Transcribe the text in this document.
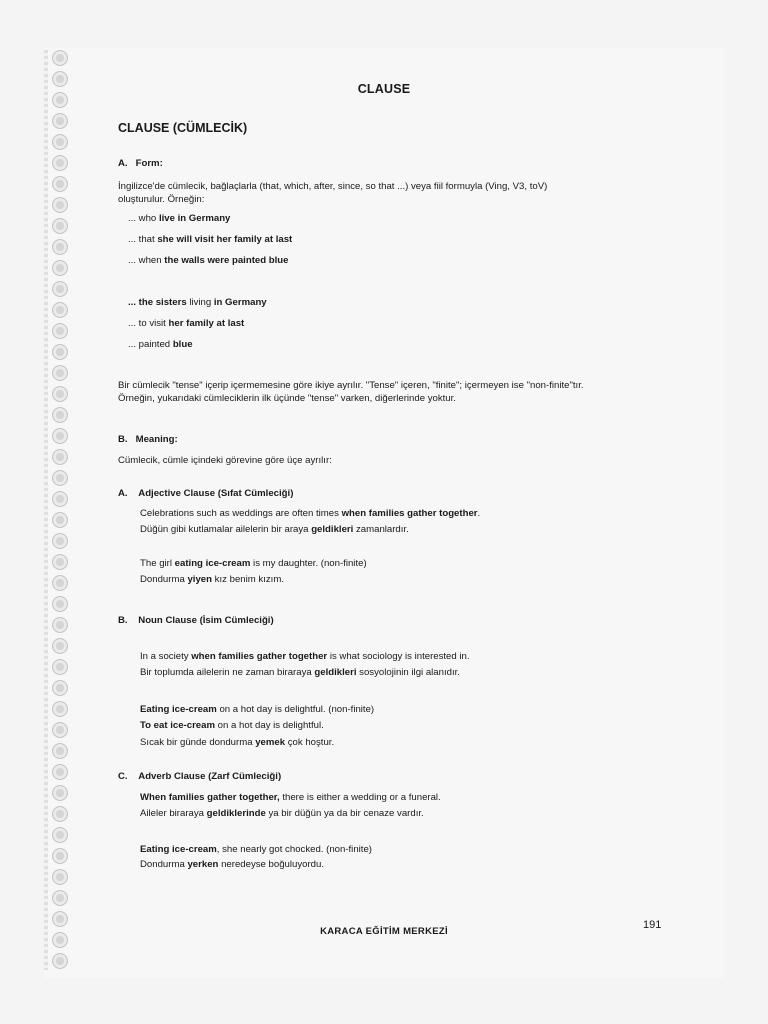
CLAUSE
CLAUSE (CÜMLECİK)
A. Form:
İngilizce'de cümlecik, bağlaçlarla (that, which, after, since, so that ...) veya fiil formuyla (Ving, V3, toV)
oluşturulur. Örneğin:
... who live in Germany
... that she will visit her family at last
... when the walls were painted blue
... the sisters living in Germany
... to visit her family at last
... painted blue
Bir cümlecik "tense" içerip içermemesine göre ikiye ayrılır. "Tense" içeren, "finite"; içermeyen ise "non-finite"tır.
Örneğin, yukarıdaki cümleciklerin ilk üçünde "tense" varken, diğerlerinde yoktur.
B. Meaning:
Cümlecik, cümle içindeki görevine göre üçe ayrılır:
A. Adjective Clause (Sıfat Cümleciği)
Celebrations such as weddings are often times when families gather together.
Düğün gibi kutlamalar ailelerin bir araya geldikleri zamanlardır.
The girl eating ice-cream is my daughter. (non-finite)
Dondurma yiyen kız benim kızım.
B. Noun Clause (İsim Cümleciği)
In a society when families gather together is what sociology is interested in.
Bir toplumda ailelerin ne zaman biraraya geldikleri sosyolojinin ilgi alanıdır.
Eating ice-cream on a hot day is delightful. (non-finite)
To eat ice-cream on a hot day is delightful.
Sıcak bir günde dondurma yemek çok hoştur.
C. Adverb Clause (Zarf Cümleciği)
When families gather together, there is either a wedding or a funeral.
Aileler biraraya geldiklerinde ya bir düğün ya da bir cenaze vardır.
Eating ice-cream, she nearly got chocked. (non-finite)
Dondurma yerken neredeyse boğuluyordu.
KARACA EĞİTİM MERKEZİ
191
